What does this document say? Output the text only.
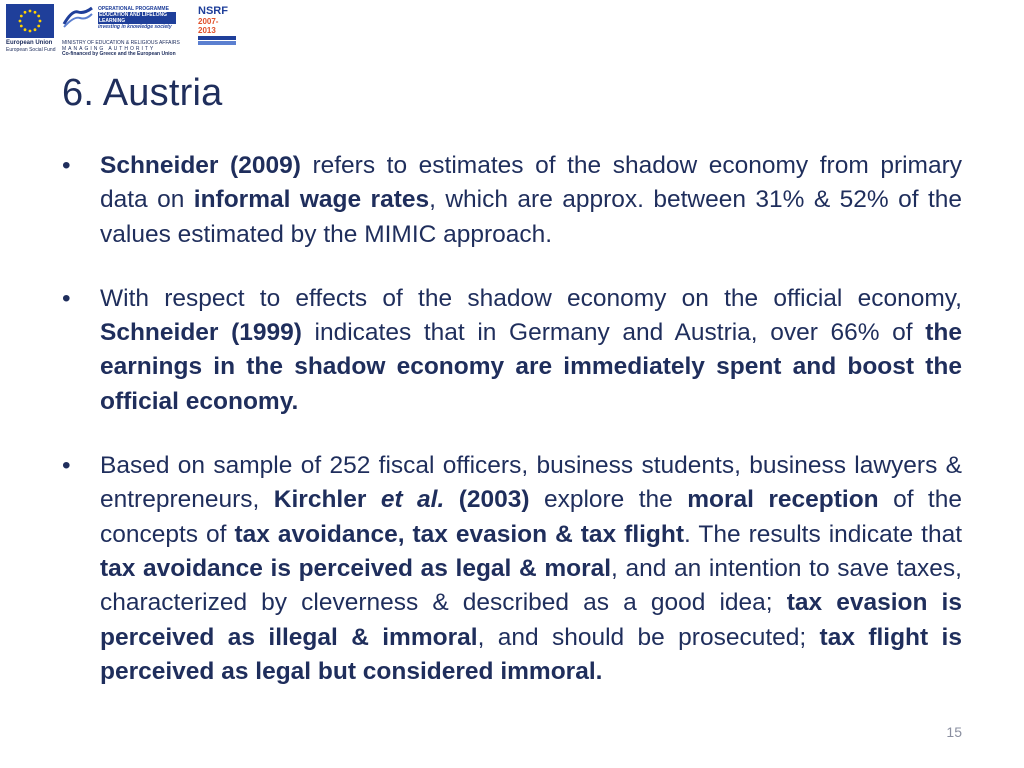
European Union
European Social Fund
OPERATIONAL PROGRAMME
EDUCATION AND LIFELONG LEARNING
investing in knowledge society
MINISTRY OF EDUCATION & RELIGIOUS AFFAIRS
MANAGING AUTHORITY
Co-financed by Greece and the European Union
NSRF
2007-2013
6. Austria
• Schneider (2009) refers to estimates of the shadow economy from primary data on informal wage rates, which are approx. between 31% & 52% of the values estimated by the MIMIC approach.
• With respect to effects of the shadow economy on the official economy, Schneider (1999) indicates that in Germany and Austria, over 66% of the earnings in the shadow economy are immediately spent and boost the official economy.
• Based on sample of 252 fiscal officers, business students, business lawyers & entrepreneurs, Kirchler et al. (2003) explore the moral reception of the concepts of tax avoidance, tax evasion & tax flight. The results indicate that tax avoidance is perceived as legal & moral, and an intention to save taxes, characterized by cleverness & described as a good idea; tax evasion is perceived as illegal & immoral, and should be prosecuted; tax flight is perceived as legal but considered immoral.
15
